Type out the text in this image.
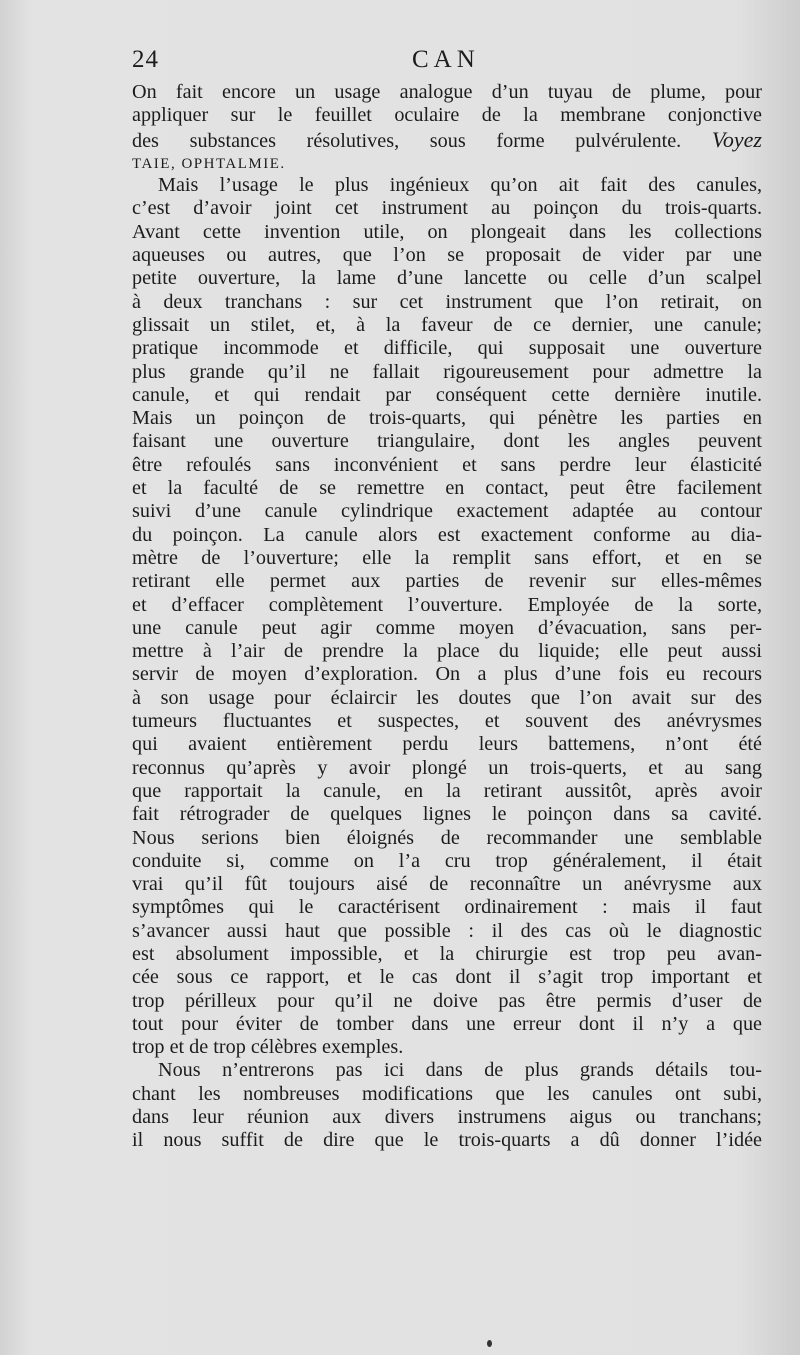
24	CAN
On fait encore un usage analogue d’un tuyau de plume, pour
appliquer sur le feuillet oculaire de la membrane conjonctive
des substances résolutives, sous forme pulvérulente. Voyez
TAIE, OPHTALMIE.
Mais l’usage le plus ingénieux qu’on ait fait des canules,
c’est d’avoir joint cet instrument au poinçon du trois-quarts.
Avant cette invention utile, on plongeait dans les collections
aqueuses ou autres, que l’on se proposait de vider par une
petite ouverture, la lame d’une lancette ou celle d’un scalpel
à deux tranchans : sur cet instrument que l’on retirait, on
glissait un stilet, et, à la faveur de ce dernier, une canule;
pratique incommode et difficile, qui supposait une ouverture
plus grande qu’il ne fallait rigoureusement pour admettre la
canule, et qui rendait par conséquent cette dernière inutile.
Mais un poinçon de trois-quarts, qui pénètre les parties en
faisant une ouverture triangulaire, dont les angles peuvent
être refoulés sans inconvénient et sans perdre leur élasticité
et la faculté de se remettre en contact, peut être facilement
suivi d’une canule cylindrique exactement adaptée au contour
du poinçon. La canule alors est exactement conforme au dia-
mètre de l’ouverture; elle la remplit sans effort, et en se
retirant elle permet aux parties de revenir sur elles-mêmes
et d’effacer complètement l’ouverture. Employée de la sorte,
une canule peut agir comme moyen d’évacuation, sans per-
mettre à l’air de prendre la place du liquide; elle peut aussi
servir de moyen d’exploration. On a plus d’une fois eu recours
à son usage pour éclaircir les doutes que l’on avait sur des
tumeurs fluctuantes et suspectes, et souvent des anévrysmes
qui avaient entièrement perdu leurs battemens, n’ont été
reconnus qu’après y avoir plongé un trois-querts, et au sang
que rapportait la canule, en la retirant aussitôt, après avoir
fait rétrograder de quelques lignes le poinçon dans sa cavité.
Nous serions bien éloignés de recommander une semblable
conduite si, comme on l’a cru trop généralement, il était
vrai qu’il fût toujours aisé de reconnaître un anévrysme aux
symptômes qui le caractérisent ordinairement : mais il faut
s’avancer aussi haut que possible : il des cas où le diagnostic
est absolument impossible, et la chirurgie est trop peu avan-
cée sous ce rapport, et le cas dont il s’agit trop important et
trop périlleux pour qu’il ne doive pas être permis d’user de
tout pour éviter de tomber dans une erreur dont il n’y a que
trop et de trop célèbres exemples.
Nous n’entrerons pas ici dans de plus grands détails tou-
chant les nombreuses modifications que les canules ont subi,
dans leur réunion aux divers instrumens aigus ou tranchans;
il nous suffit de dire que le trois-quarts a dû donner l’idée
